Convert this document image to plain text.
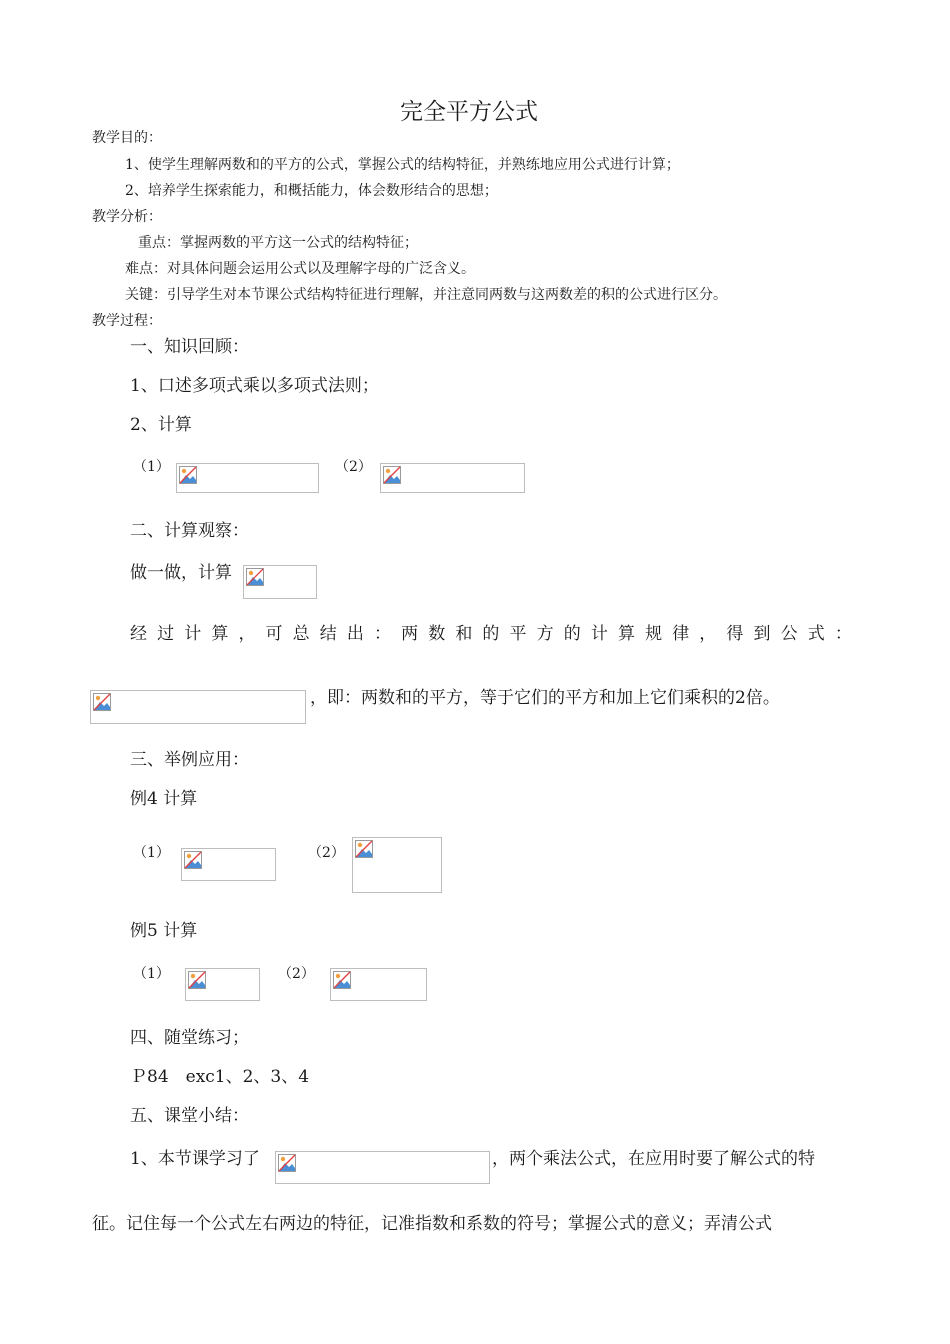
完全平方公式
教学目的：
1、使学生理解两数和的平方的公式，掌握公式的结构特征，并熟练地应用公式进行计算；
2、培养学生探索能力，和概括能力，体会数形结合的思想；
教学分析：
重点：掌握两数的平方这一公式的结构特征；
难点：对具体问题会运用公式以及理解字母的广泛含义。
关键：引导学生对本节课公式结构特征进行理解，并注意同两数与这两数差的积的公式进行区分。
教学过程：
一、知识回顾：
1、口述多项式乘以多项式法则；
2、计算
（1）	（2）
二、计算观察：
做一做，计算
经 过 计 算 ， 可 总 结 出 ： 两 数 和 的 平 方 的 计 算 规 律 ， 得 到 公 式 ：
，即：两数和的平方，等于它们的平方和加上它们乘积的2倍。
三、举例应用：
例4 计算
（1）	（2）
例5 计算
（1）	（2）
四、随堂练习；
Ｐ84　exc1、2、3、4
五、课堂小结：
1、本节课学习了	，两个乘法公式，在应用时要了解公式的特
征。记住每一个公式左右两边的特征，记准指数和系数的符号；掌握公式的意义；弄清公式
